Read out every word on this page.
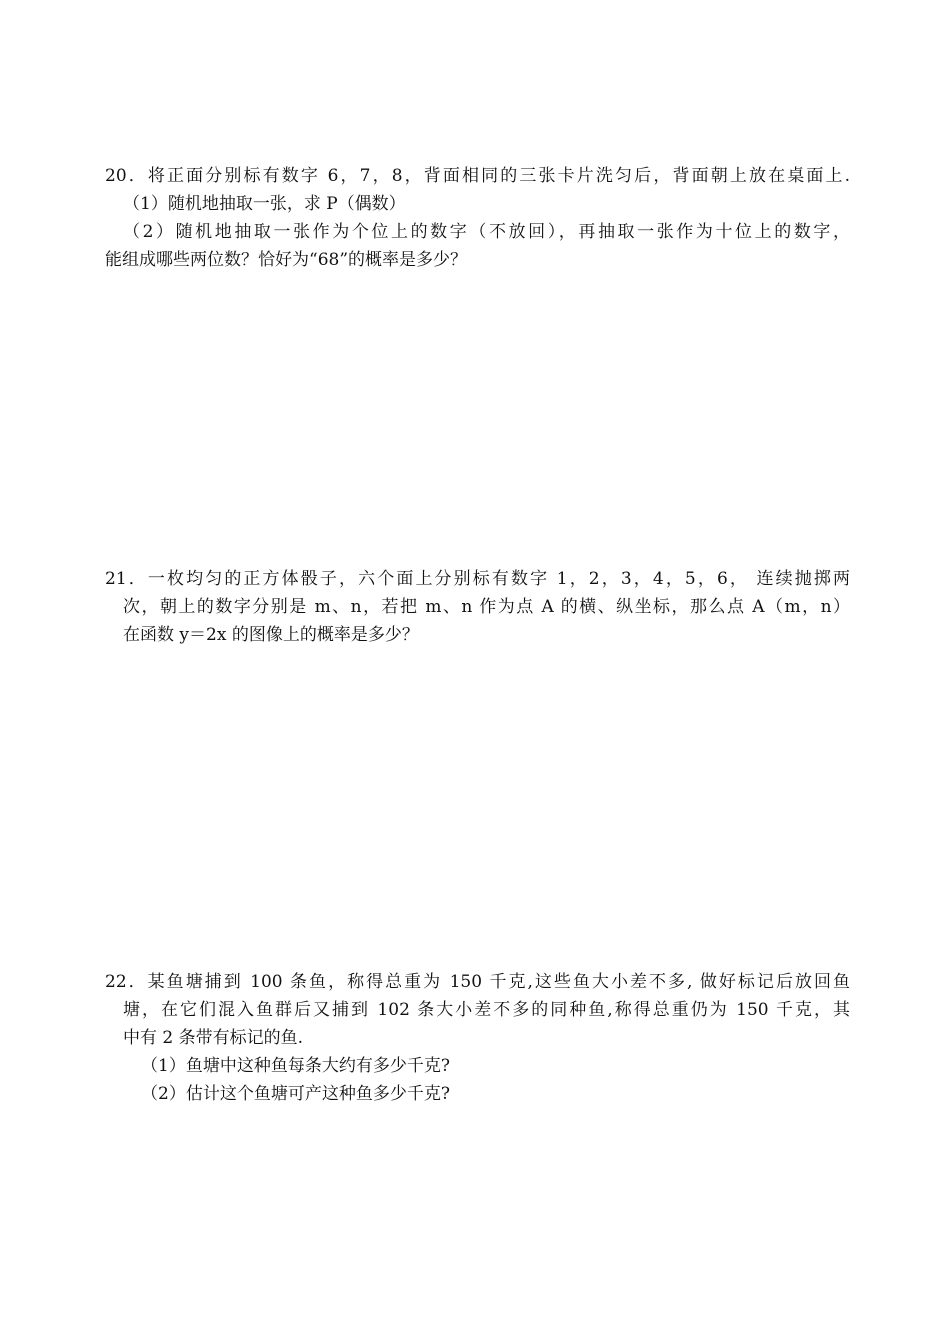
20．将正面分别标有数字 6，7，8，背面相同的三张卡片洗匀后，背面朝上放在桌面上.
（1）随机地抽取一张，求 P（偶数）
（2）随机地抽取一张作为个位上的数字（不放回），再抽取一张作为十位上的数字，
能组成哪些两位数？恰好为“68”的概率是多少？
21．一枚均匀的正方体骰子，六个面上分别标有数字 1，2，3，4，5，6， 连续抛掷两
次，朝上的数字分别是 m、n，若把 m、n 作为点 A 的横、纵坐标，那么点 A（m，n）
在函数 y＝2x 的图像上的概率是多少？
22．某鱼塘捕到 100 条鱼，称得总重为 150 千克,这些鱼大小差不多, 做好标记后放回鱼
塘，在它们混入鱼群后又捕到 102 条大小差不多的同种鱼,称得总重仍为 150 千克，其
中有 2 条带有标记的鱼.
（1）鱼塘中这种鱼每条大约有多少千克?
（2）估计这个鱼塘可产这种鱼多少千克?
